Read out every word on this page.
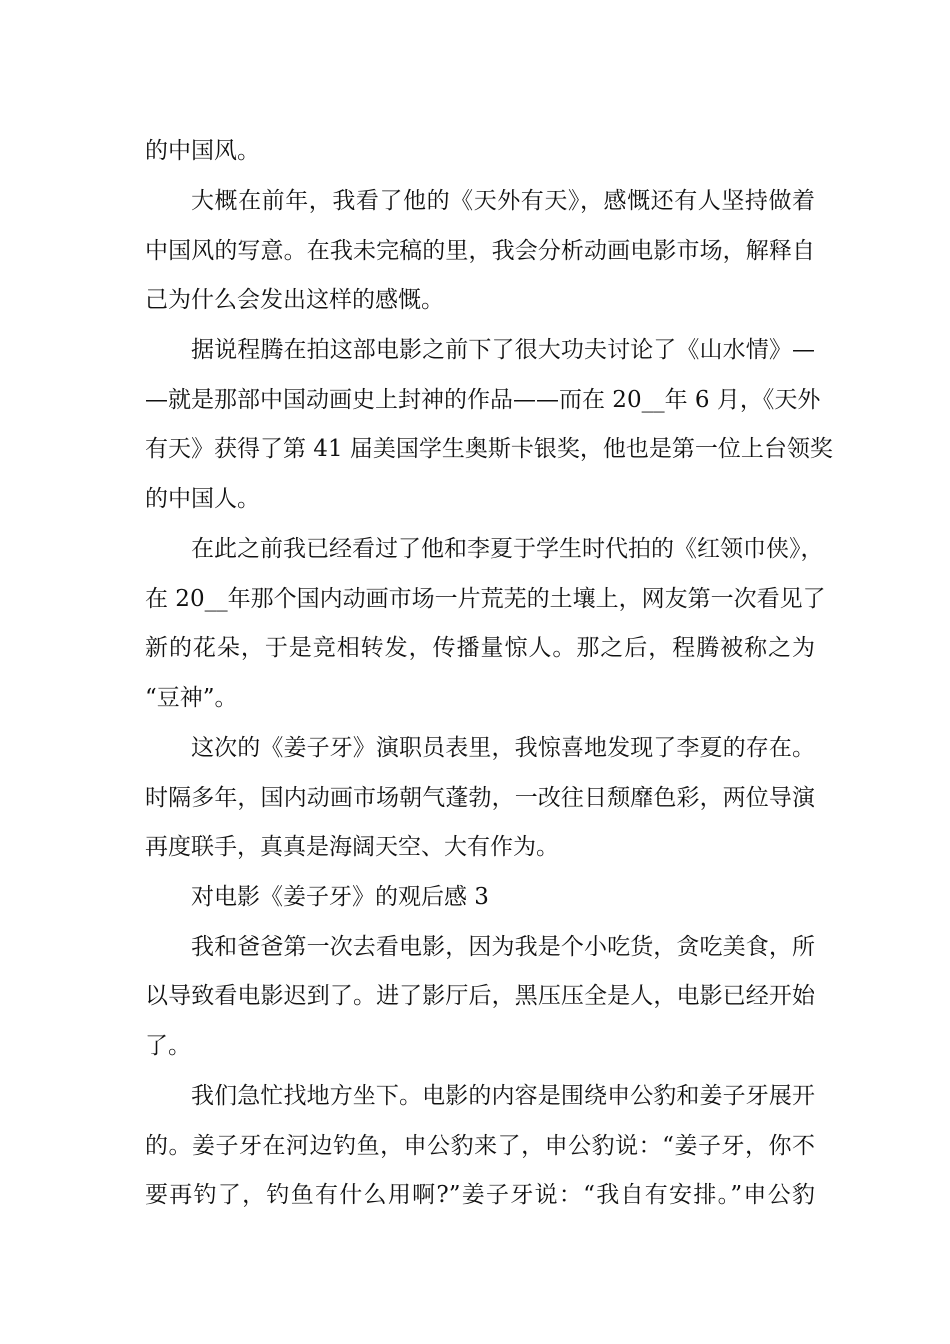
的中国风。
大概在前年，我看了他的《天外有天》，感慨还有人坚持做着
中国风的写意。在我未完稿的里，我会分析动画电影市场，解释自
己为什么会发出这样的感慨。
据说程腾在拍这部电影之前下了很大功夫讨论了《山水情》—
—就是那部中国动画史上封神的作品——而在 20__年 6 月，《天外
有天》获得了第 41 届美国学生奥斯卡银奖，他也是第一位上台领奖
的中国人。
在此之前我已经看过了他和李夏于学生时代拍的《红领巾侠》，
在 20__年那个国内动画市场一片荒芜的土壤上，网友第一次看见了
新的花朵，于是竞相转发，传播量惊人。那之后，程腾被称之为
“豆神”。
这次的《姜子牙》演职员表里，我惊喜地发现了李夏的存在。
时隔多年，国内动画市场朝气蓬勃，一改往日颓靡色彩，两位导演
再度联手，真真是海阔天空、大有作为。
对电影《姜子牙》的观后感 3
我和爸爸第一次去看电影，因为我是个小吃货，贪吃美食，所
以导致看电影迟到了。进了影厅后，黑压压全是人，电影已经开始
了。
我们急忙找地方坐下。电影的内容是围绕申公豹和姜子牙展开
的。姜子牙在河边钓鱼，申公豹来了，申公豹说：“姜子牙，你不
要再钓了，钓鱼有什么用啊?”姜子牙说：“我自有安排。”申公豹
